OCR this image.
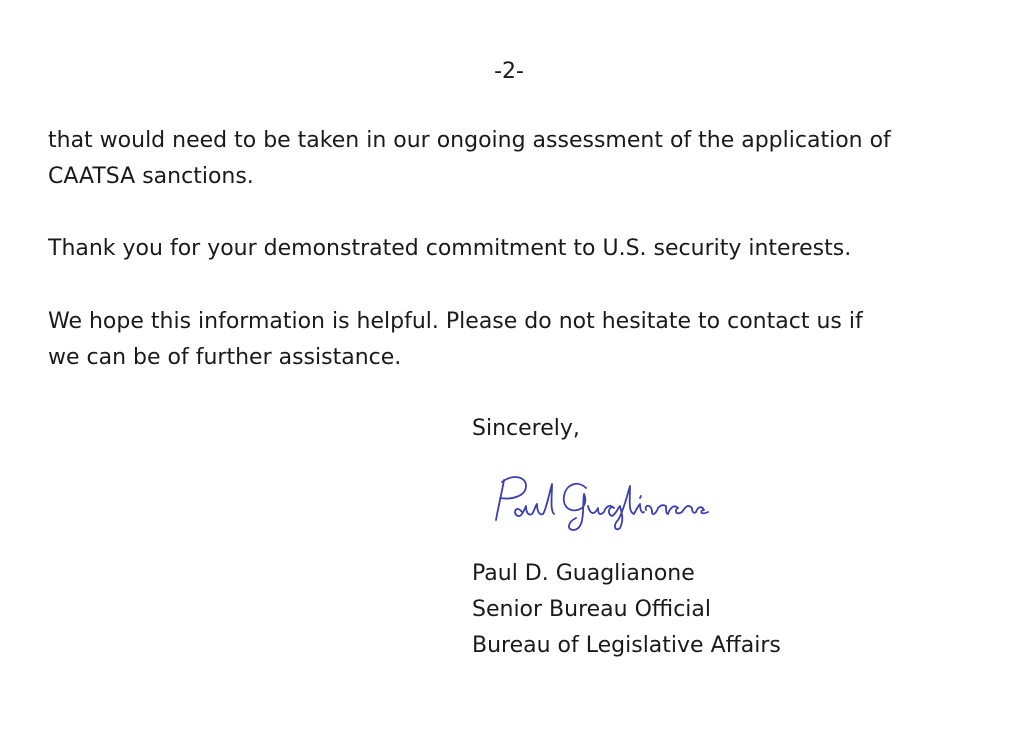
-2-

that would need to be taken in our ongoing assessment of the application of
CAATSA sanctions.

Thank you for your demonstrated commitment to U.S. security interests.

We hope this information is helpful. Please do not hesitate to contact us if
we can be of further assistance.

Sincerely,
Paul D. Guaglianone
Senior Bureau Official
Bureau of Legislative Affairs
